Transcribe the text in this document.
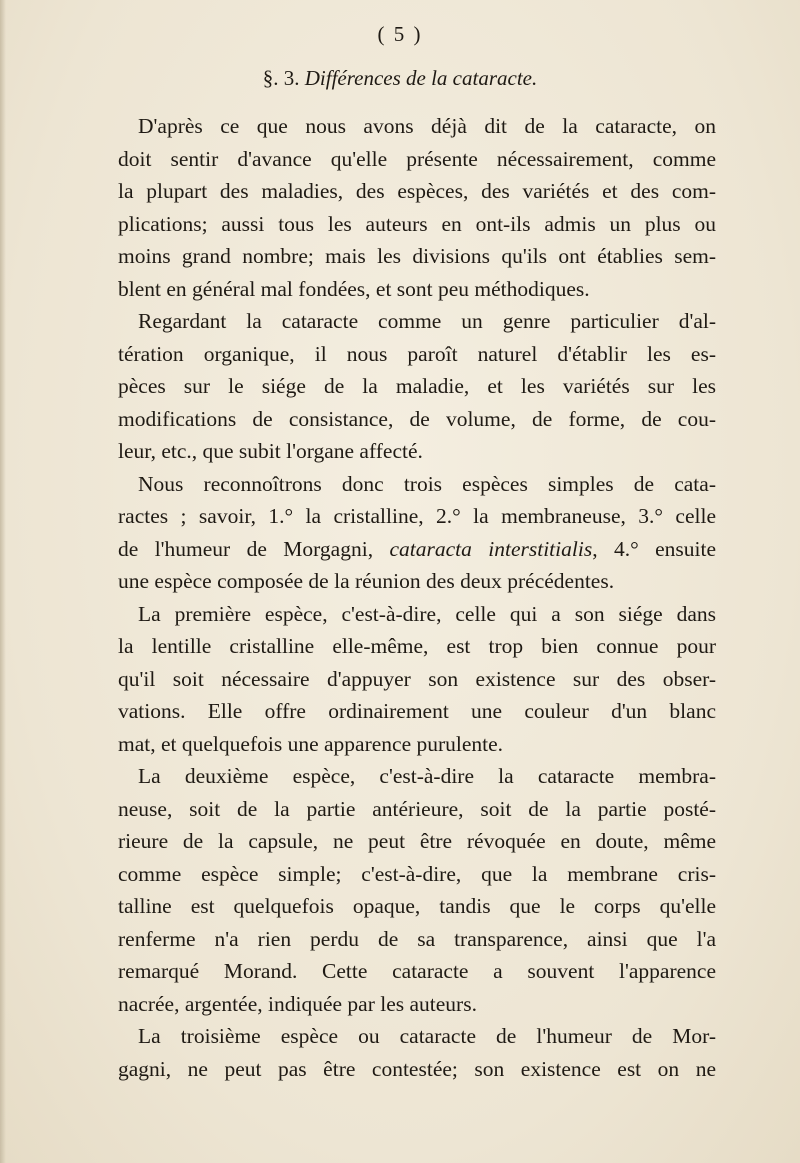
( 5 )
§. 3. Différences de la cataracte.
D'après ce que nous avons déjà dit de la cataracte, on
doit sentir d'avance qu'elle présente nécessairement, comme
la plupart des maladies, des espèces, des variétés et des com-
plications; aussi tous les auteurs en ont-ils admis un plus ou
moins grand nombre; mais les divisions qu'ils ont établies sem-
blent en général mal fondées, et sont peu méthodiques.
Regardant la cataracte comme un genre particulier d'al-
tération organique, il nous paroît naturel d'établir les es-
pèces sur le siége de la maladie, et les variétés sur les
modifications de consistance, de volume, de forme, de cou-
leur, etc., que subit l'organe affecté.
Nous reconnoîtrons donc trois espèces simples de cata-
ractes ; savoir, 1.° la cristalline, 2.° la membraneuse, 3.° celle
de l'humeur de Morgagni, cataracta interstitialis, 4.° ensuite
une espèce composée de la réunion des deux précédentes.
La première espèce, c'est-à-dire, celle qui a son siége dans
la lentille cristalline elle-même, est trop bien connue pour
qu'il soit nécessaire d'appuyer son existence sur des obser-
vations. Elle offre ordinairement une couleur d'un blanc
mat, et quelquefois une apparence purulente.
La deuxième espèce, c'est-à-dire la cataracte membra-
neuse, soit de la partie antérieure, soit de la partie posté-
rieure de la capsule, ne peut être révoquée en doute, même
comme espèce simple; c'est-à-dire, que la membrane cris-
talline est quelquefois opaque, tandis que le corps qu'elle
renferme n'a rien perdu de sa transparence, ainsi que l'a
remarqué Morand. Cette cataracte a souvent l'apparence
nacrée, argentée, indiquée par les auteurs.
La troisième espèce ou cataracte de l'humeur de Mor-
gagni, ne peut pas être contestée; son existence est on ne
